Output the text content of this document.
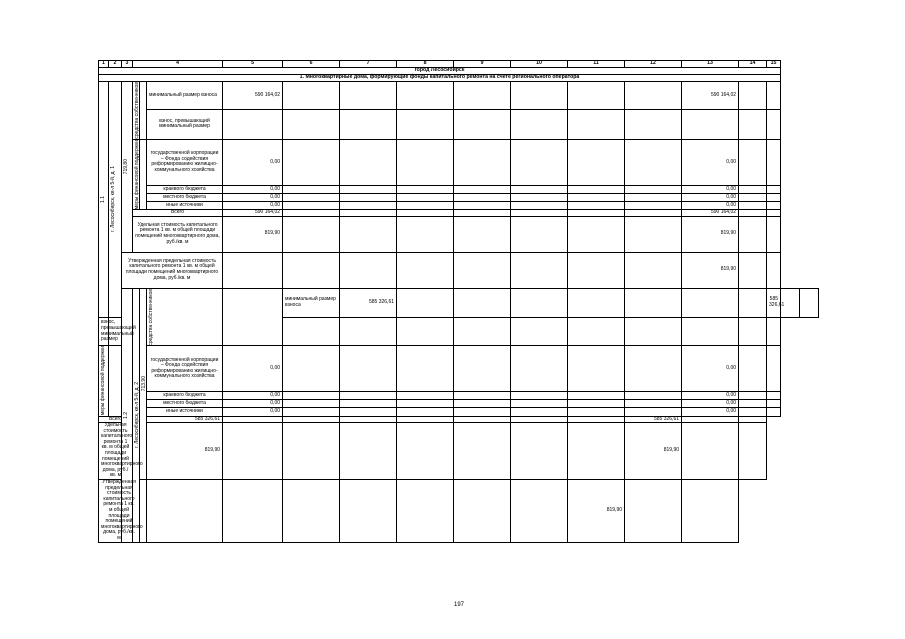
1	2	3	4			5	6	7	8	9	10	11	12	13	14	15		
город Лесосибирск																		
1. Многоквартирные дома, формирующие фонды капитального ремонта на счете регионального оператора																		

1.1	г. Лесосибирск, кв-л 5-й, д. 1	719,80	средства собственников		минимальный размер взноса	590 164,02								590 164,02				
					взнос, превышающий минимальный размер													

			меры финансовой поддержки		государственной корпорации – Фонда содействия реформированию жилищно-коммунального хозяйства	0,00								0,00				
					краевого бюджета	0,00								0,00				
					местного бюджета	0,00								0,00				
					иные источники	0,00								0,00				
			Всего			590 164,02								590 164,02				
			Удельная стоимость капитального ремонта 1 кв. м общей площади помещений многоквартирного дома, руб./кв. м			819,90								819,90				
		Утвержденная предельная стоимость капитального ремонта 1 кв. м общей площади помещений многоквартирного дома, руб./кв. м												819,90				

		1.2	г. Лесосибирск, кв-л 5-й, д. 2	713,90	средства собственников		минимальный размер взноса	585 326,61								585 326,61		
взнос, превышающий минимальный размер																		

меры финансовой поддержки					государственной корпорации – Фонда содействия реформированию жилищно-коммунального хозяйства	0,00								0,00				
					краевого бюджета	0,00								0,00				
					местного бюджета	0,00								0,00				
					иные источники	0,00								0,00				
Всего					585 326,61								585 326,61					
Удельная стоимость капитального ремонта 1 кв. м общей площади помещений многоквартирного дома, руб./кв. м					819,90								819,90					
Утвержденная предельная стоимость капитального ремонта 1 кв. м общей площади помещений многоквартирного дома, руб./кв. м												819,90						
197
